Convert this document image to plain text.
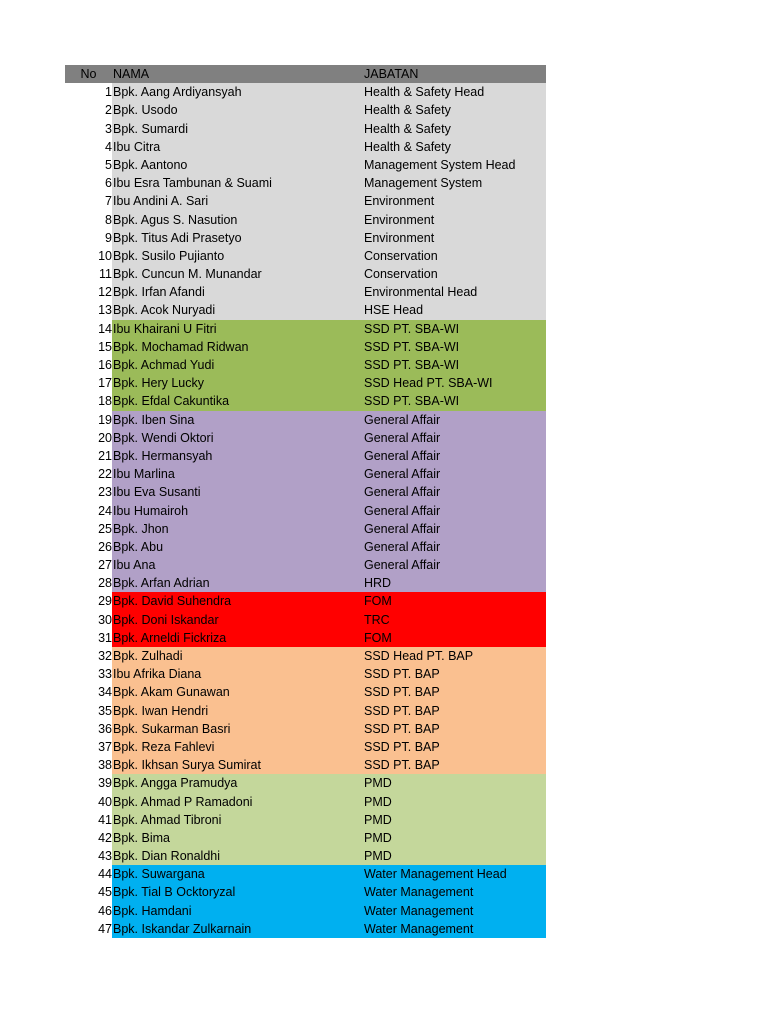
No	NAMA	JABATAN
1 Bpk. Aang Ardiyansyah	Health & Safety Head
2 Bpk. Usodo	Health & Safety
3 Bpk. Sumardi	Health & Safety
4 Ibu Citra	Health & Safety
5 Bpk. Aantono	Management System Head
6 Ibu Esra Tambunan & Suami	Management System
7 Ibu Andini A. Sari	Environment
8 Bpk. Agus S. Nasution	Environment
9 Bpk. Titus Adi Prasetyo	Environment
10 Bpk. Susilo Pujianto	Conservation
11 Bpk. Cuncun M. Munandar	Conservation
12 Bpk. Irfan Afandi	Environmental Head
13 Bpk. Acok Nuryadi	HSE Head
14 Ibu Khairani U Fitri	SSD PT. SBA-WI
15 Bpk. Mochamad Ridwan	SSD PT. SBA-WI
16 Bpk. Achmad Yudi	SSD PT. SBA-WI
17 Bpk. Hery Lucky	SSD Head PT. SBA-WI
18 Bpk. Efdal Cakuntika	SSD PT. SBA-WI
19 Bpk. Iben Sina	General Affair
20 Bpk. Wendi Oktori	General Affair
21 Bpk. Hermansyah	General Affair
22 Ibu Marlina	General Affair
23 Ibu Eva Susanti	General Affair
24 Ibu Humairoh	General Affair
25 Bpk. Jhon	General Affair
26 Bpk. Abu	General Affair
27 Ibu Ana	General Affair
28 Bpk. Arfan Adrian	HRD
29 Bpk. David Suhendra	FOM
30 Bpk. Doni Iskandar	TRC
31 Bpk. Arneldi Fickriza	FOM
32 Bpk. Zulhadi	SSD Head PT. BAP
33 Ibu Afrika Diana	SSD PT. BAP
34 Bpk. Akam Gunawan	SSD PT. BAP
35 Bpk. Iwan Hendri	SSD PT. BAP
36 Bpk. Sukarman Basri	SSD PT. BAP
37 Bpk. Reza Fahlevi	SSD PT. BAP
38 Bpk. Ikhsan Surya Sumirat	SSD PT. BAP
39 Bpk. Angga Pramudya	PMD
40 Bpk. Ahmad P Ramadoni	PMD
41 Bpk. Ahmad Tibroni	PMD
42 Bpk. Bima	PMD
43 Bpk. Dian Ronaldhi	PMD
44 Bpk. Suwargana	Water Management Head
45 Bpk. Tial B Ocktoryzal	Water Management
46 Bpk. Hamdani	Water Management
47 Bpk. Iskandar Zulkarnain	Water Management
